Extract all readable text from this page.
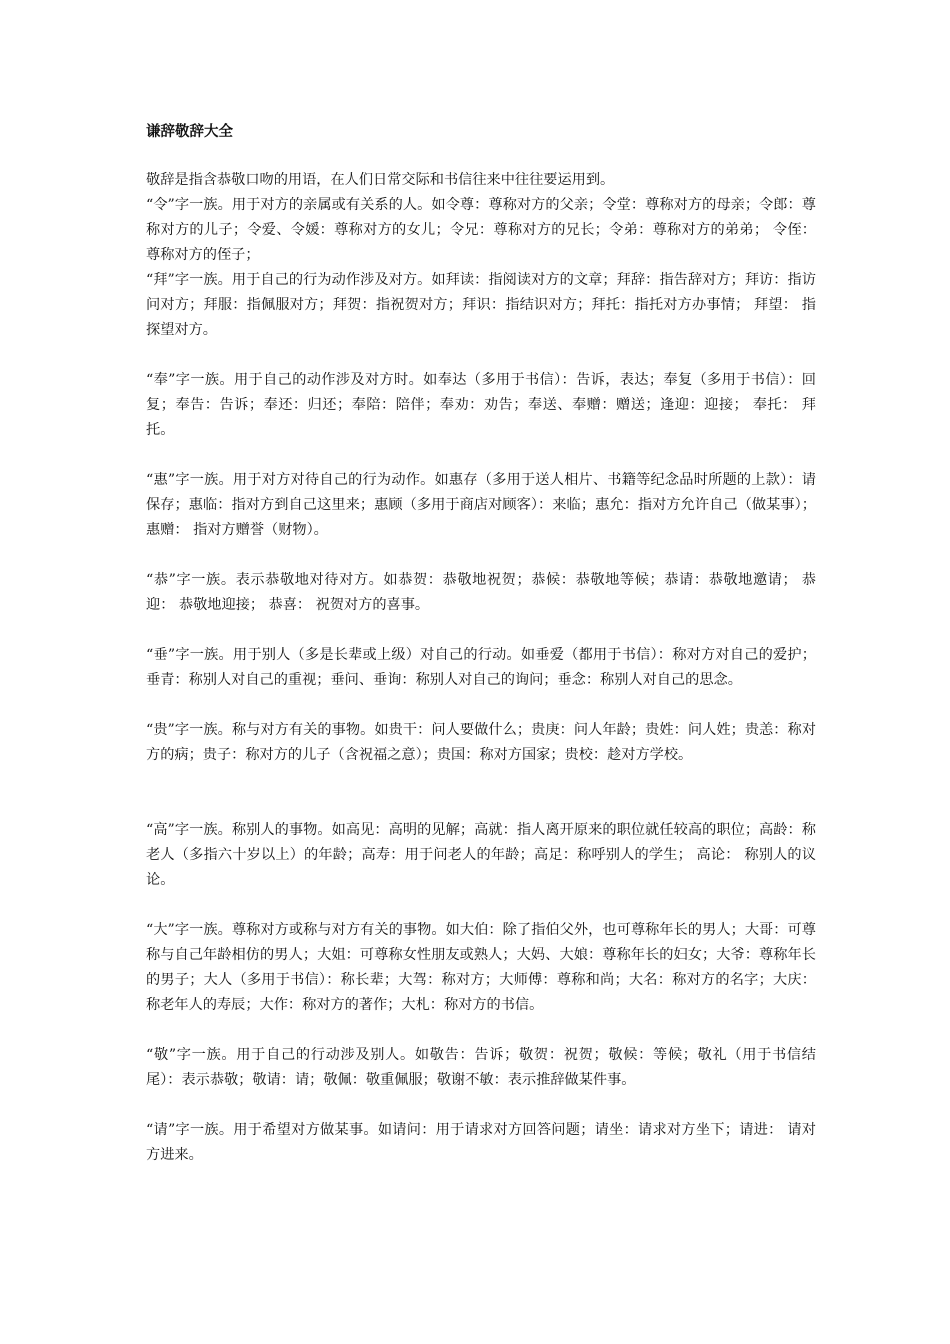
谦辞敬辞大全

敬辞是指含恭敬口吻的用语，在人们日常交际和书信往来中往往要运用到。

“令”字一族。用于对方的亲属或有关系的人。如令尊：尊称对方的父亲；令堂：尊称对方的母亲；令郎：尊称对方的儿子；令爱、令媛：尊称对方的女儿；令兄：尊称对方的兄长；令弟：尊称对方的弟弟； 令侄： 尊称对方的侄子；

“拜”字一族。用于自己的行为动作涉及对方。如拜读：指阅读对方的文章；拜辞：指告辞对方；拜访：指访问对方；拜服：指佩服对方；拜贺：指祝贺对方；拜识：指结识对方；拜托：指托对方办事情； 拜望： 指探望对方。

“奉”字一族。用于自己的动作涉及对方时。如奉达（多用于书信）：告诉，表达；奉复（多用于书信）：回复；奉告：告诉；奉还：归还；奉陪：陪伴；奉劝：劝告；奉送、奉赠：赠送；逢迎：迎接； 奉托： 拜托。

“惠”字一族。用于对方对待自己的行为动作。如惠存（多用于送人相片、书籍等纪念品时所题的上款）：请保存；惠临：指对方到自己这里来；惠顾（多用于商店对顾客）：来临；惠允：指对方允许自己（做某事）； 惠赠： 指对方赠誉（财物）。

“恭”字一族。表示恭敬地对待对方。如恭贺：恭敬地祝贺；恭候：恭敬地等候；恭请：恭敬地邀请； 恭迎： 恭敬地迎接； 恭喜： 祝贺对方的喜事。

“垂”字一族。用于别人（多是长辈或上级）对自己的行动。如垂爱（都用于书信）：称对方对自己的爱护；垂青：称别人对自己的重视；垂问、垂询：称别人对自己的询问；垂念：称别人对自己的思念。

“贵”字一族。称与对方有关的事物。如贵干：问人要做什么；贵庚：问人年龄；贵姓：问人姓；贵恙：称对方的病；贵子：称对方的儿子（含祝福之意）；贵国：称对方国家；贵校：趁对方学校。

“高”字一族。称别人的事物。如高见：高明的见解；高就：指人离开原来的职位就任较高的职位；高龄：称老人（多指六十岁以上）的年龄；高寿：用于问老人的年龄；高足：称呼别人的学生； 高论： 称别人的议论。

“大”字一族。尊称对方或称与对方有关的事物。如大伯：除了指伯父外，也可尊称年长的男人；大哥：可尊称与自己年龄相仿的男人；大姐：可尊称女性朋友或熟人；大妈、大娘：尊称年长的妇女；大爷：尊称年长的男子；大人（多用于书信）：称长辈；大驾：称对方；大师傅：尊称和尚；大名：称对方的名字；大庆：称老年人的寿辰；大作：称对方的著作；大札：称对方的书信。

“敬”字一族。用于自己的行动涉及别人。如敬告：告诉；敬贺：祝贺；敬候：等候；敬礼（用于书信结尾）：表示恭敬；敬请：请；敬佩：敬重佩服；敬谢不敏：表示推辞做某件事。

“请”字一族。用于希望对方做某事。如请问：用于请求对方回答问题；请坐：请求对方坐下；请进： 请对方进来。
